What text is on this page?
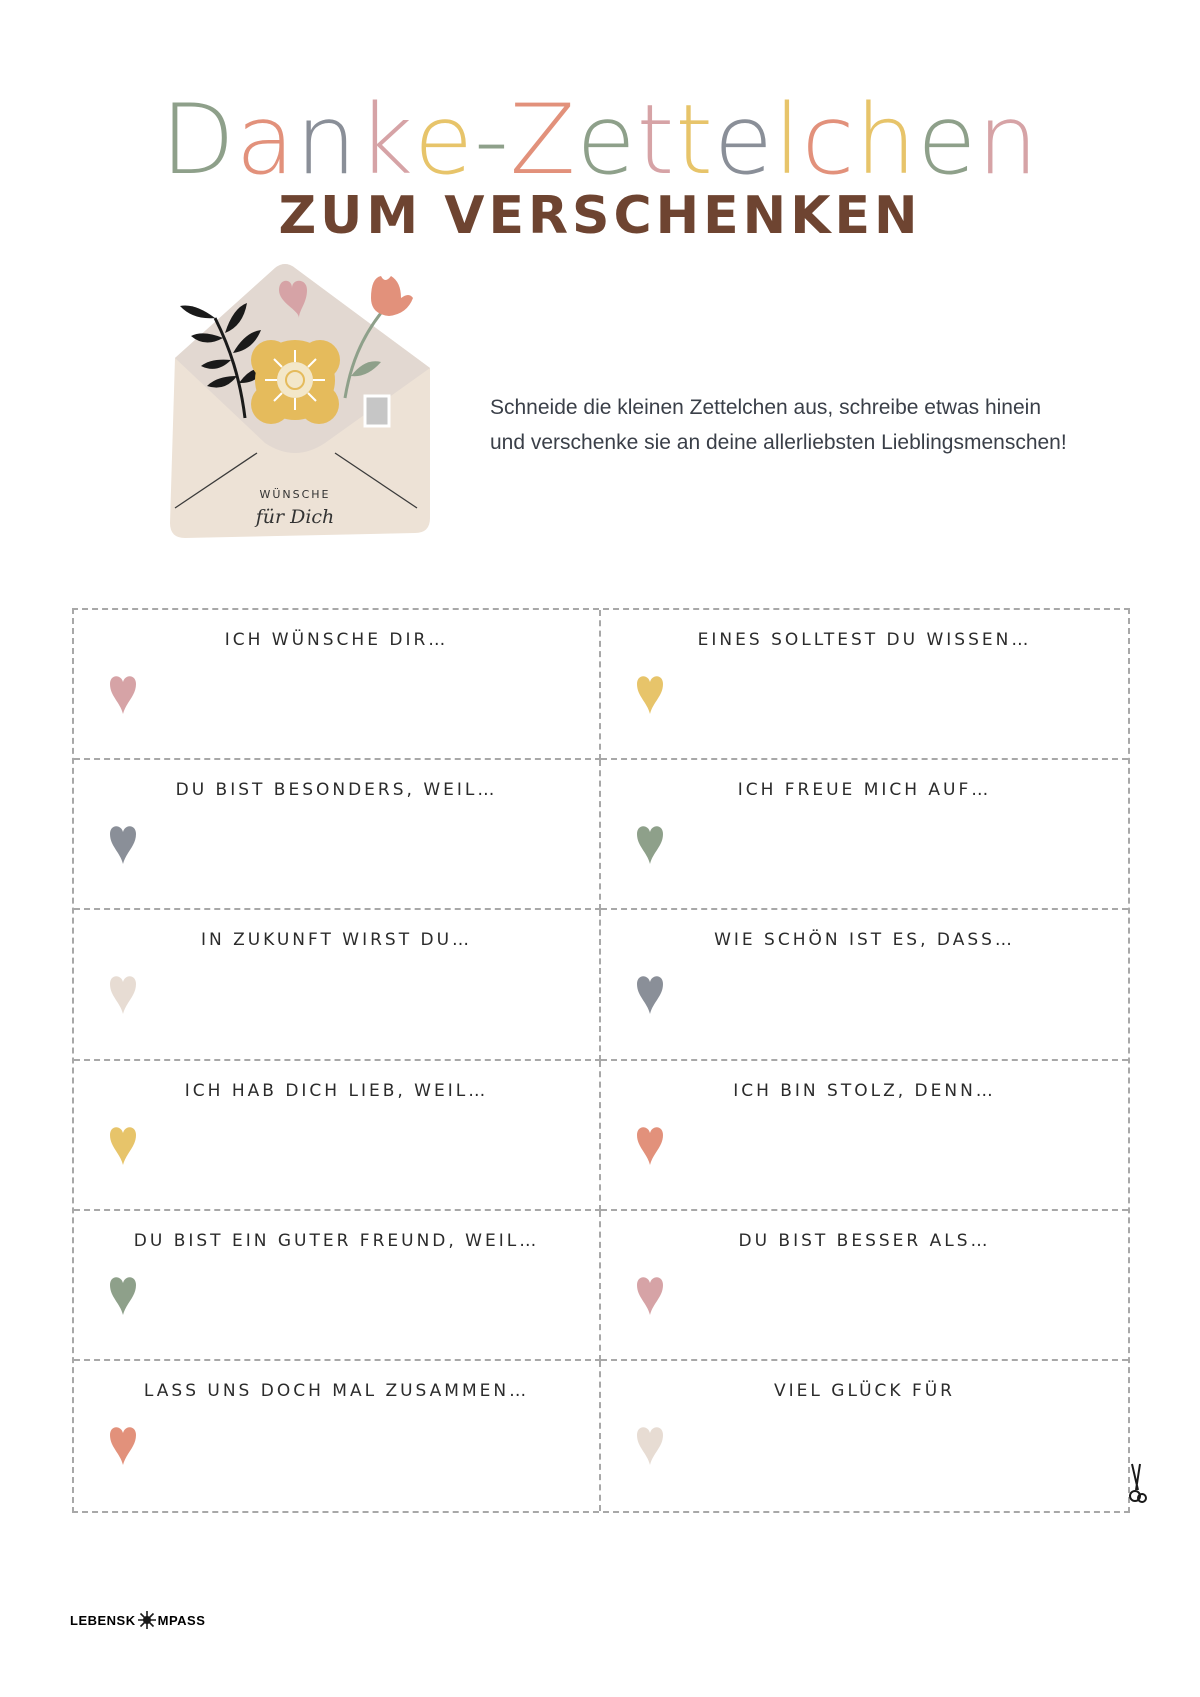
Danke-Zettelchen
ZUM VERSCHENKEN
WÜNSCHE
für Dich
Schneide die kleinen Zettelchen aus, schreibe etwas hinein
und verschenke sie an deine allerliebsten Lieblingsmenschen!
ICH WÜNSCHE DIR…	EINES SOLLTEST DU WISSEN…
DU BIST BESONDERS, WEIL…	ICH FREUE MICH AUF…
IN ZUKUNFT WIRST DU…	WIE SCHÖN IST ES, DASS…
ICH HAB DICH LIEB, WEIL…	ICH BIN STOLZ, DENN…
DU BIST EIN GUTER FREUND, WEIL…	DU BIST BESSER ALS…
LASS UNS DOCH MAL ZUSAMMEN…	VIEL GLÜCK FÜR
LEBENSK MPASS
